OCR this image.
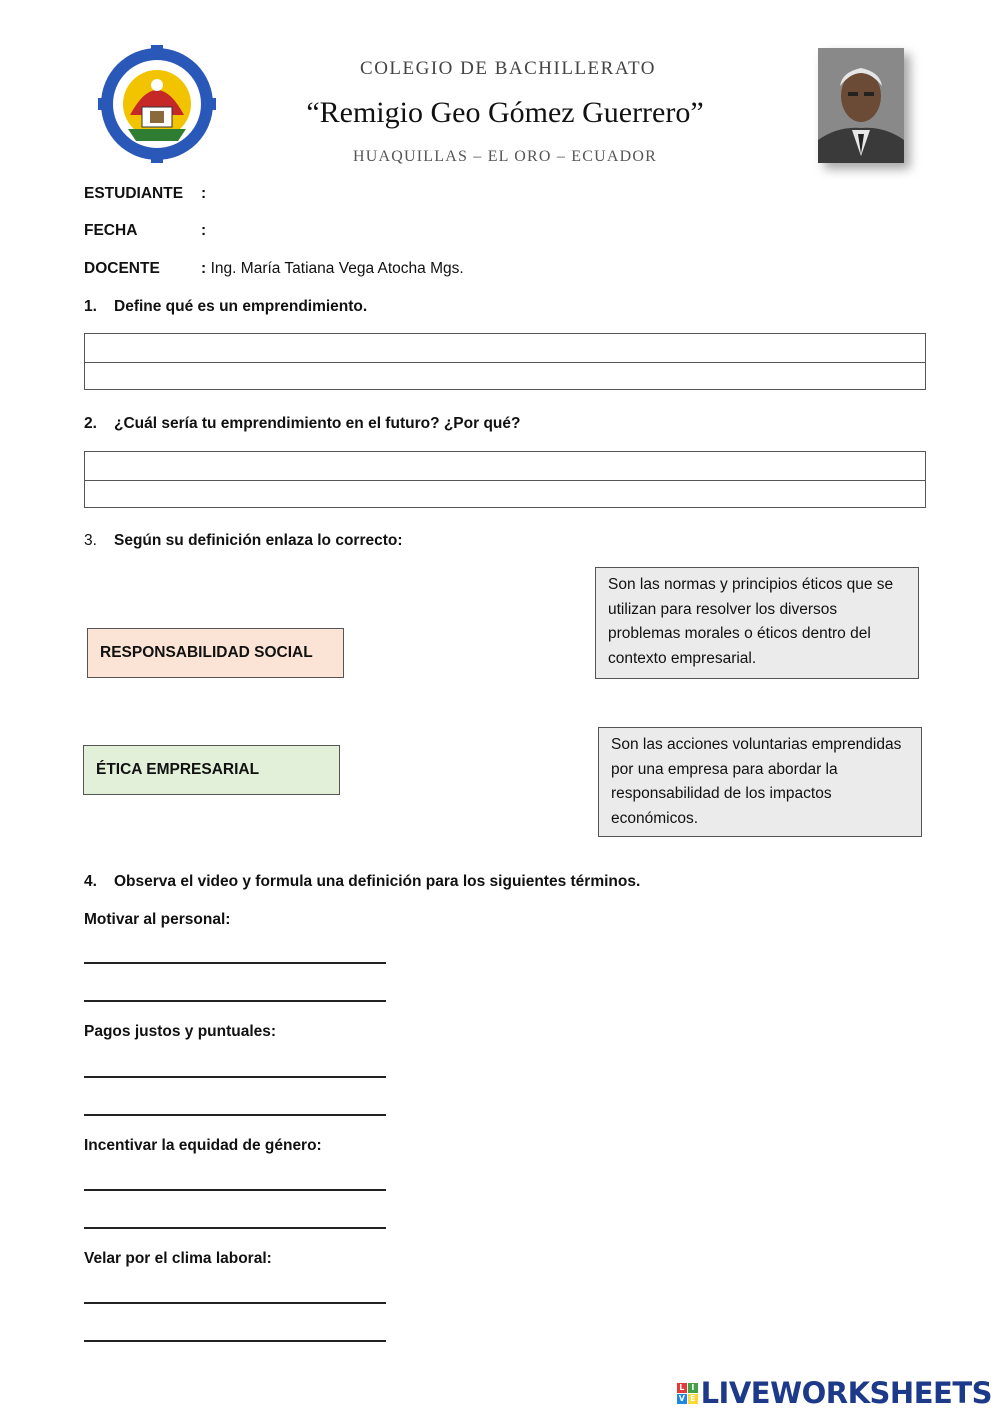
COLEGIO DE BACHILLERATO
“Remigio Geo Gómez Guerrero”
HUAQUILLAS – EL ORO – ECUADOR
ESTUDIANTE :
FECHA	:
DOCENTE	: Ing. María Tatiana Vega Atocha Mgs.
1. Define qué es un emprendimiento.
2. ¿Cuál sería tu emprendimiento en el futuro? ¿Por qué?
3. Según su definición enlaza lo correcto:
RESPONSABILIDAD SOCIAL
ÉTICA EMPRESARIAL
Son las normas y principios éticos que se utilizan para resolver los diversos problemas morales o éticos dentro del contexto empresarial.
Son las acciones voluntarias emprendidas por una empresa para abordar la responsabilidad de los impactos económicos.
4. Observa el video y formula una definición para los siguientes términos.
Motivar al personal:
Pagos justos y puntuales:
Incentivar la equidad de género:
Velar por el clima laboral:
L I
V E LIVEWORKSHEETS
